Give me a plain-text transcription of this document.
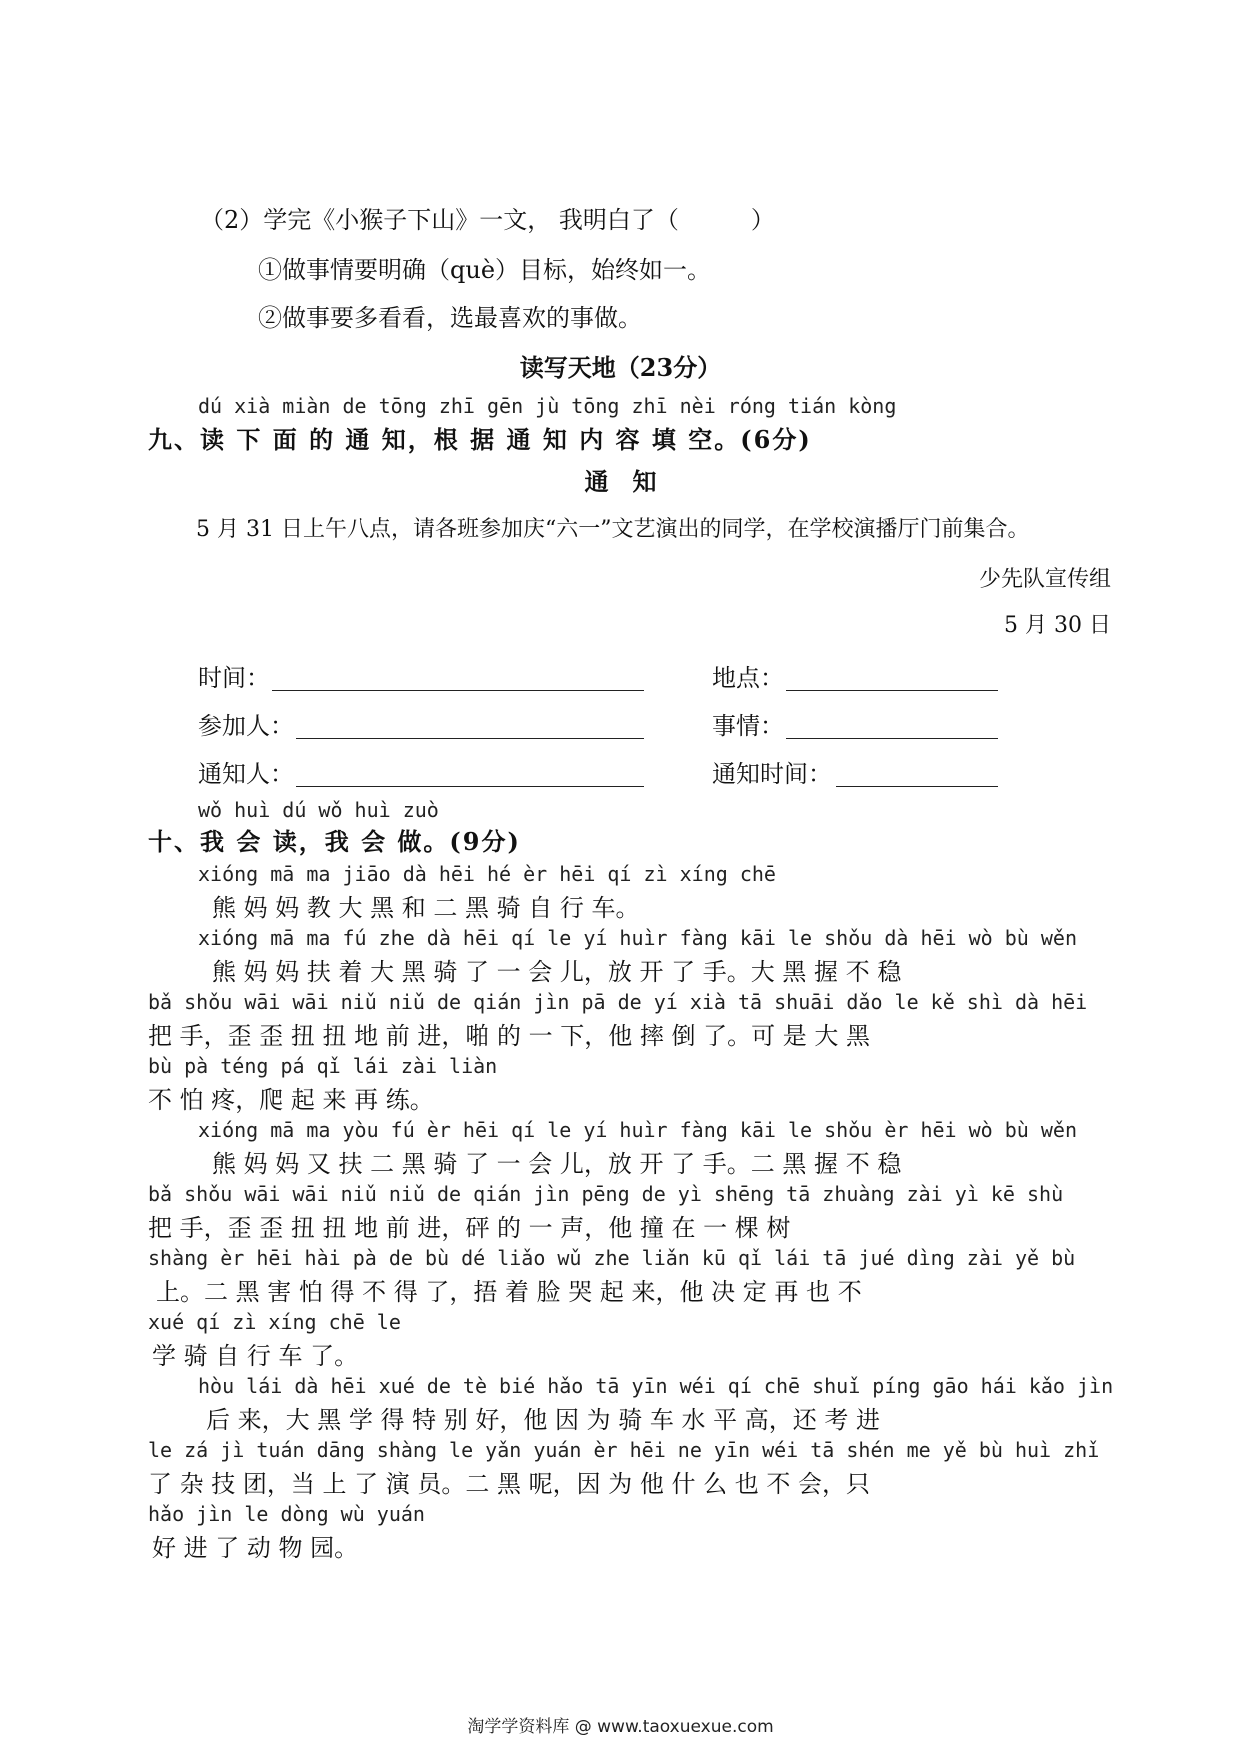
（2）学完《小猴子下山》一文， 我明白了（　　　）
①做事情要明确（què）目标，始终如一。
②做事要多看看，选最喜欢的事做。
读写天地（23分）
dú xià miàn de tōng zhī gēn jù tōng zhī nèi róng tián kòng
九、读 下 面 的 通 知，根 据 通 知 内 容 填 空。(6分)
通　知
5 月 31 日上午八点，请各班参加庆“六一”文艺演出的同学，在学校演播厅门前集合。
少先队宣传组
5 月 30 日
时间：	地点：
参加人：	事情：
通知人：	通知时间：
wǒ huì dú wǒ huì zuò
十、我 会 读，我 会 做。(9分)
xióng mā ma jiāo dà hēi hé èr hēi qí zì xíng chē
熊 妈 妈 教 大 黑 和 二 黑 骑 自 行 车。
xióng mā ma fú zhe dà hēi qí le yí huìr fàng kāi le shǒu dà hēi wò bù wěn
熊 妈 妈 扶 着 大 黑 骑 了 一 会 儿，放 开 了 手。大 黑 握 不 稳
bǎ shǒu wāi wāi niǔ niǔ de qián jìn pā de yí xià tā shuāi dǎo le kě shì dà hēi
把 手，歪 歪 扭 扭 地 前 进，啪 的 一 下，他 摔 倒 了。可 是 大 黑
bù pà téng pá qǐ lái zài liàn
不 怕 疼，爬 起 来 再 练。
xióng mā ma yòu fú èr hēi qí le yí huìr fàng kāi le shǒu èr hēi wò bù wěn
熊 妈 妈 又 扶 二 黑 骑 了 一 会 儿，放 开 了 手。二 黑 握 不 稳
bǎ shǒu wāi wāi niǔ niǔ de qián jìn pēng de yì shēng tā zhuàng zài yì kē shù
把 手，歪 歪 扭 扭 地 前 进，砰 的 一 声，他 撞 在 一 棵 树
shàng èr hēi hài pà de bù dé liǎo wǔ zhe liǎn kū qǐ lái tā jué dìng zài yě bù
上。二 黑 害 怕 得 不 得 了，捂 着 脸 哭 起 来，他 决 定 再 也 不
xué qí zì xíng chē le
学 骑 自 行 车 了。
hòu lái dà hēi xué de tè bié hǎo tā yīn wéi qí chē shuǐ píng gāo hái kǎo jìn
后 来，大 黑 学 得 特 别 好，他 因 为 骑 车 水 平 高，还 考 进
le zá jì tuán dāng shàng le yǎn yuán èr hēi ne yīn wéi tā shén me yě bù huì zhǐ
了 杂 技 团，当 上 了 演 员。二 黑 呢，因 为 他 什 么 也 不 会，只
hǎo jìn le dòng wù yuán
好 进 了 动 物 园。
淘学学资料库 @ www.taoxuexue.com
